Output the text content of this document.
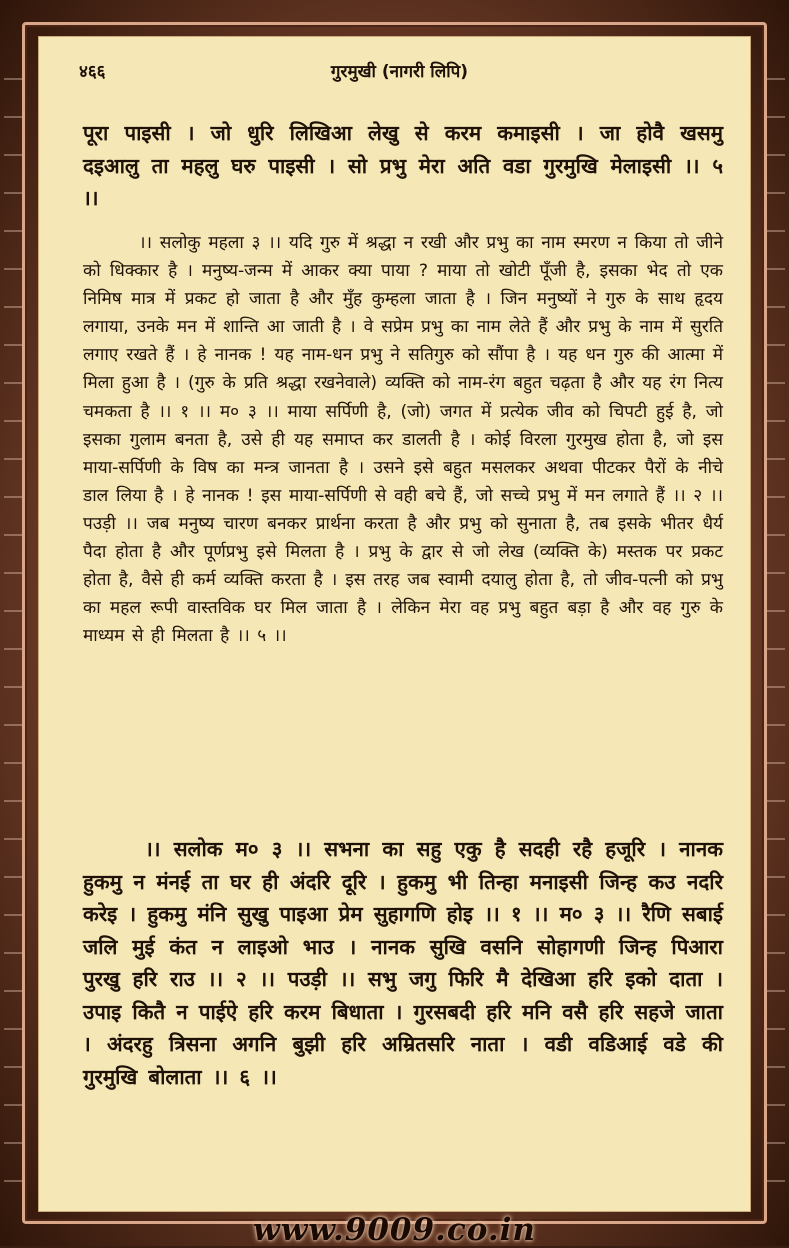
४६६	गुरमुखी (नागरी लिपि)
पूरा पाइसी । जो धुरि लिखिआ लेखु से करम कमाइसी । जा होवै खसमु दइआलु ता महलु घरु पाइसी । सो प्रभु मेरा अति वडा गुरमुखि मेलाइसी ।। ५ ।।
।। सलोकु महला ३ ।। यदि गुरु में श्रद्धा न रखी और प्रभु का नाम स्मरण न किया तो जीने को धिक्कार है । मनुष्य-जन्म में आकर क्या पाया ? माया तो खोटी पूँजी है, इसका भेद तो एक निमिष मात्र में प्रकट हो जाता है और मुँह कुम्हला जाता है । जिन मनुष्यों ने गुरु के साथ हृदय लगाया, उनके मन में शान्ति आ जाती है । वे सप्रेम प्रभु का नाम लेते हैं और प्रभु के नाम में सुरति लगाए रखते हैं । हे नानक ! यह नाम-धन प्रभु ने सतिगुरु को सौंपा है । यह धन गुरु की आत्मा में मिला हुआ है । (गुरु के प्रति श्रद्धा रखनेवाले) व्यक्ति को नाम-रंग बहुत चढ़ता है और यह रंग नित्य चमकता है ।। १ ।। म० ३ ।। माया सर्पिणी है, (जो) जगत में प्रत्येक जीव को चिपटी हुई है, जो इसका गुलाम बनता है, उसे ही यह समाप्त कर डालती है । कोई विरला गुरमुख होता है, जो इस माया-सर्पिणी के विष का मन्त्र जानता है । उसने इसे बहुत मसलकर अथवा पीटकर पैरों के नीचे डाल लिया है । हे नानक ! इस माया-सर्पिणी से वही बचे हैं, जो सच्चे प्रभु में मन लगाते हैं ।। २ ।। पउड़ी ।। जब मनुष्य चारण बनकर प्रार्थना करता है और प्रभु को सुनाता है, तब इसके भीतर धैर्य पैदा होता है और पूर्णप्रभु इसे मिलता है । प्रभु के द्वार से जो लेख (व्यक्ति के) मस्तक पर प्रकट होता है, वैसे ही कर्म व्यक्ति करता है । इस तरह जब स्वामी दयालु होता है, तो जीव-पत्नी को प्रभु का महल रूपी वास्तविक घर मिल जाता है । लेकिन मेरा वह प्रभु बहुत बड़ा है और वह गुरु के माध्यम से ही मिलता है ।। ५ ।।
।। सलोक म० ३ ।। सभना का सहु एकु है सदही रहै हजूरि । नानक हुकमु न मंनई ता घर ही अंदरि दूरि । हुकमु भी तिन्हा मनाइसी जिन्ह कउ नदरि करेइ । हुकमु मंनि सुखु पाइआ प्रेम सुहागणि होइ ।। १ ।। म० ३ ।। रैणि सबाई जलि मुई कंत न लाइओ भाउ । नानक सुखि वसनि सोहागणी जिन्ह पिआरा पुरखु हरि राउ ।। २ ।। पउड़ी ।। सभु जगु फिरि मै देखिआ हरि इको दाता । उपाइ कितै न पाईऐ हरि करम बिधाता । गुरसबदी हरि मनि वसै हरि सहजे जाता । अंदरहु त्रिसना अगनि बुझी हरि अम्रितसरि नाता । वडी वडिआई वडे की गुरमुखि बोलाता ।। ६ ।।
www.9009.co.in
